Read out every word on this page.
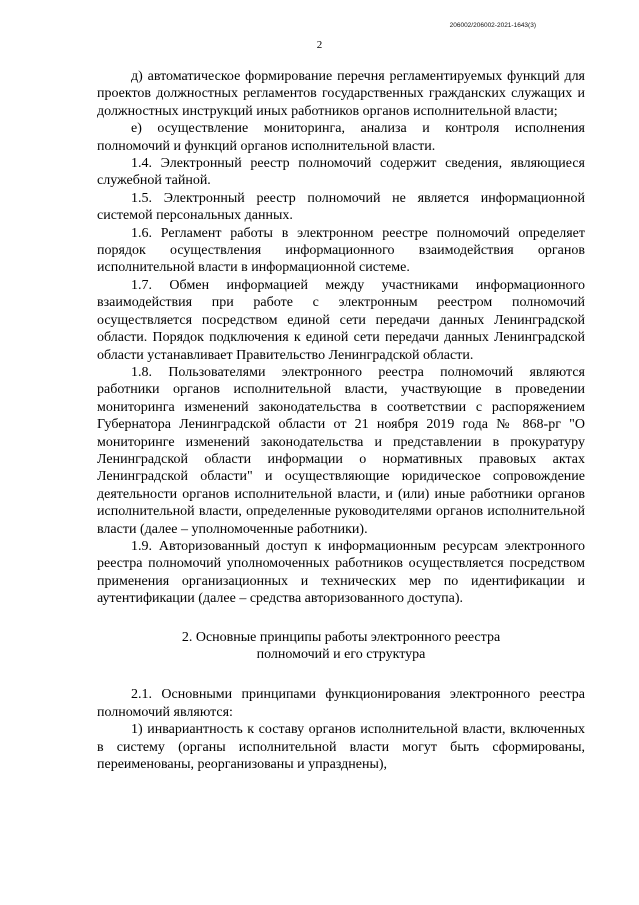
206002/206002-2021-1643(3)
2

д) автоматическое формирование перечня регламентируемых функций для проектов должностных регламентов государственных гражданских служащих и должностных инструкций иных работников органов исполнительной власти;

е) осуществление мониторинга, анализа и контроля исполнения полномочий и функций органов исполнительной власти.

1.4. Электронный реестр полномочий содержит сведения, являющиеся служебной тайной.

1.5. Электронный реестр полномочий не является информационной системой персональных данных.

1.6. Регламент работы в электронном реестре полномочий определяет порядок осуществления информационного взаимодействия органов исполнительной власти в информационной системе.

1.7. Обмен информацией между участниками информационного взаимодействия при работе с электронным реестром полномочий осуществляется посредством единой сети передачи данных Ленинградской области. Порядок подключения к единой сети передачи данных Ленинградской области устанавливает Правительство Ленинградской области.

1.8. Пользователями электронного реестра полномочий являются работники органов исполнительной власти, участвующие в проведении мониторинга изменений законодательства в соответствии с распоряжением Губернатора Ленинградской области от 21 ноября 2019 года № 868-рг "О мониторинге изменений законодательства и представлении в прокуратуру Ленинградской области информации о нормативных правовых актах Ленинградской области" и осуществляющие юридическое сопровождение деятельности органов исполнительной власти, и (или) иные работники органов исполнительной власти, определенные руководителями органов исполнительной власти (далее – уполномоченные работники).

1.9. Авторизованный доступ к информационным ресурсам электронного реестра полномочий уполномоченных работников осуществляется посредством применения организационных и технических мер по идентификации и аутентификации (далее – средства авторизованного доступа).

2. Основные принципы работы электронного реестра
полномочий и его структура

2.1. Основными принципами функционирования электронного реестра полномочий являются:

1) инвариантность к составу органов исполнительной власти, включенных в систему (органы исполнительной власти могут быть сформированы, переименованы, реорганизованы и упразднены),
